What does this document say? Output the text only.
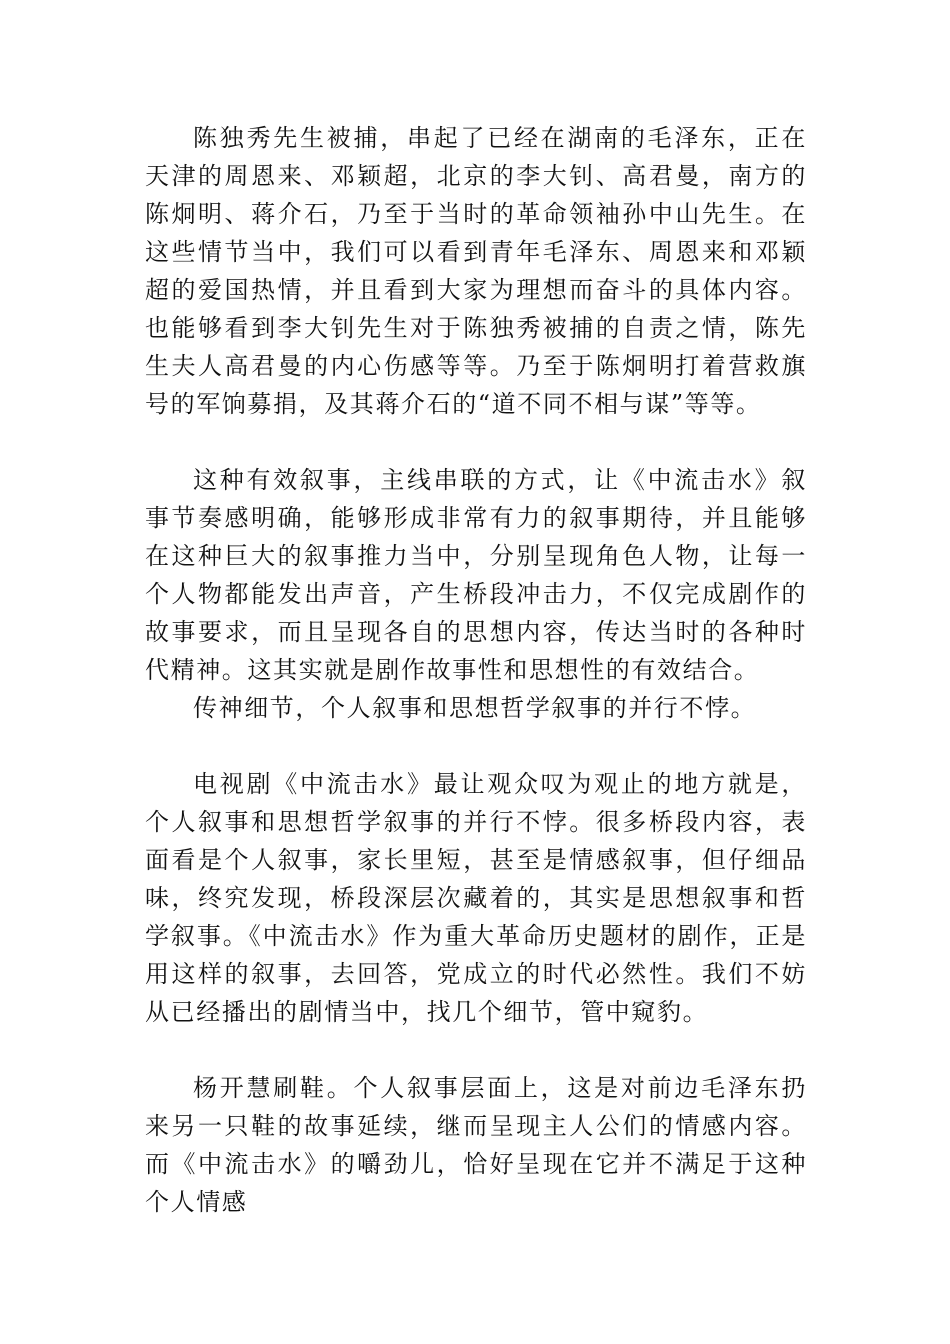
陈独秀先生被捕，串起了已经在湖南的毛泽东，正在天津的周恩来、邓颖超，北京的李大钊、高君曼，南方的陈炯明、蒋介石，乃至于当时的革命领袖孙中山先生。在这些情节当中，我们可以看到青年毛泽东、周恩来和邓颖超的爱国热情，并且看到大家为理想而奋斗的具体内容。也能够看到李大钊先生对于陈独秀被捕的自责之情，陈先生夫人高君曼的内心伤感等等。乃至于陈炯明打着营救旗号的军饷募捐，及其蒋介石的“道不同不相与谋”等等。

这种有效叙事，主线串联的方式，让《中流击水》叙事节奏感明确，能够形成非常有力的叙事期待，并且能够在这种巨大的叙事推力当中，分别呈现角色人物，让每一个人物都能发出声音，产生桥段冲击力，不仅完成剧作的故事要求，而且呈现各自的思想内容，传达当时的各种时代精神。这其实就是剧作故事性和思想性的有效结合。

传神细节，个人叙事和思想哲学叙事的并行不悖。

电视剧《中流击水》最让观众叹为观止的地方就是，个人叙事和思想哲学叙事的并行不悖。很多桥段内容，表面看是个人叙事，家长里短，甚至是情感叙事，但仔细品味，终究发现，桥段深层次藏着的，其实是思想叙事和哲学叙事。《中流击水》作为重大革命历史题材的剧作，正是用这样的叙事，去回答，党成立的时代必然性。我们不妨从已经播出的剧情当中，找几个细节，管中窥豹。

杨开慧刷鞋。个人叙事层面上，这是对前边毛泽东扔来另一只鞋的故事延续，继而呈现主人公们的情感内容。而《中流击水》的嚼劲儿，恰好呈现在它并不满足于这种个人情感
